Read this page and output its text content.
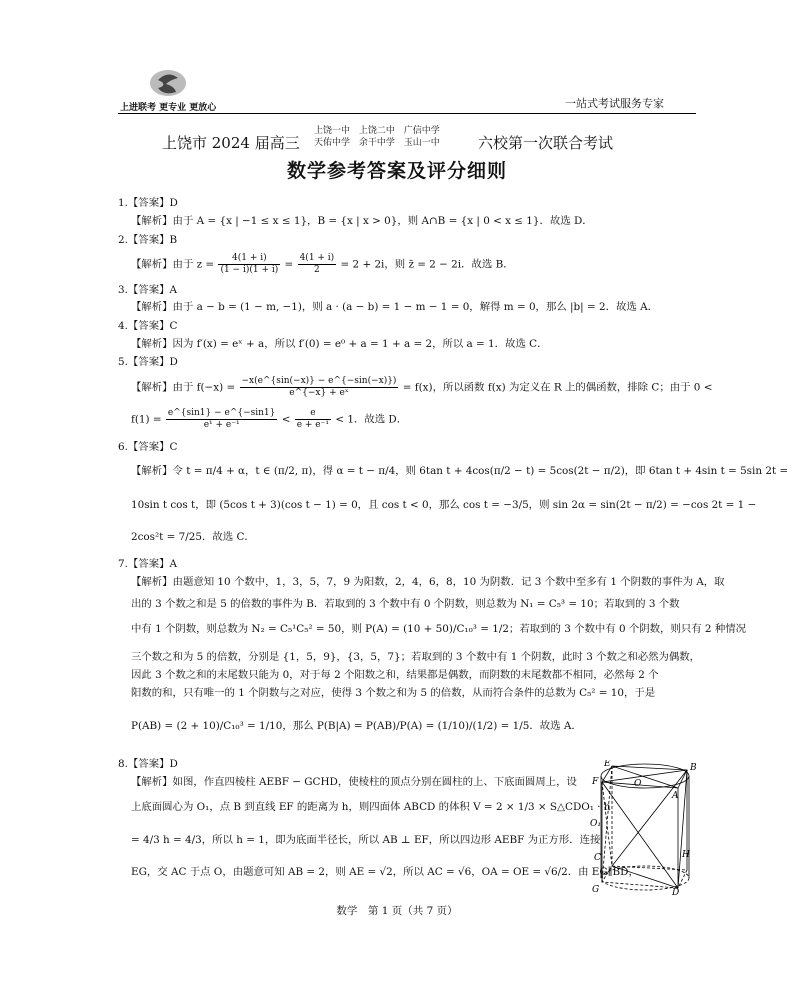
上进联考 更专业 更放心	一站式考试服务专家
上饶市 2024 届高三
上饶一中 上饶二中 广信中学
天佑中学 余干中学 玉山一中	六校第一次联合考试
数学参考答案及评分细则
1.【答案】D
【解析】由于 A = {x | −1 ≤ x ≤ 1}，B = {x | x > 0}，则 A∩B = {x | 0 < x ≤ 1}．故选 D．
2.【答案】B
【解析】由于 $z = \frac{4(1 + i)}{(1 - i)(1 + i)} = \frac{4(1 + i)}{2} = 2 + 2i$，则 z̄ = 2 − 2i．故选 B．
3.【答案】A
【解析】由于 a − b = (1 − m, −1)，则 a · (a − b) = 1 − m − 1 = 0，解得 m = 0，那么 |b| = 2．故选 A．
4.【答案】C
【解析】因为 f′(x) = eˣ + a，所以 f′(0) = e⁰ + a = 1 + a = 2，所以 a = 1．故选 C．
5.【答案】D
【解析】由于 $f(-x) = \frac{-x(e\^{}\{\sin(-x)\} - e\^{}\{-\sin(-x)\})}{\text{e\textasciicircum{}\{−x\} + eˣ}} = f(x)$，所以函数 f(x) 为定义在 R 上的偶函数，排除 C；由于 0 <
$f(1) = \frac{e\^{}\{\sin 1\} - e\^{}\{-\sin 1\}}{\text{e¹ + e⁻¹}} < \frac{e}{\text{e + e⁻¹}} < 1$．故选 D．
6.【答案】C
【解析】令 t = π/4 + α，t ∈ (π/2, π)，得 α = t − π/4，则 6tan t + 4cos(π/2 − t) = 5cos(2t − π/2)，即 6tan t + 4sin t = 5sin 2t =
10sin t cos t，即 (5cos t + 3)(cos t − 1) = 0，且 cos t < 0，那么 cos t = −3/5，则 sin 2α = sin(2t − π/2) = −cos 2t = 1 −
2cos²t = 7/25．故选 C．
7.【答案】A
【解析】由题意知 10 个数中，1，3，5，7，9 为阳数，2，4，6，8，10 为阴数．记 3 个数中至多有 1 个阴数的事件为 A，取
出的 3 个数之和是 5 的倍数的事件为 B．若取到的 3 个数中有 0 个阴数，则总数为 N₁ = C₅³ = 10；若取到的 3 个数
中有 1 个阴数，则总数为 N₂ = C₅¹C₅² = 50，则 P(A) = (10 + 50)/C₁₀³ = 1/2；若取到的 3 个数中有 0 个阴数，则只有 2 种情况
三个数之和为 5 的倍数，分别是 {1，5，9}，{3，5，7}；若取到的 3 个数中有 1 个阴数，此时 3 个数之和必然为偶数，
因此 3 个数之和的末尾数只能为 0，对于每 2 个阳数之和，结果都是偶数，而阴数的末尾数都不相同，必然每 2 个
阳数的和，只有唯一的 1 个阴数与之对应，使得 3 个数之和为 5 的倍数，从而符合条件的总数为 C₅² = 10，于是
P(AB) = (2 + 10)/C₁₀³ = 1/10，那么 P(B|A) = P(AB)/P(A) = (1/10)/(1/2) = 1/5．故选 A．
8.【答案】D
【解析】如图，作直四棱柱 AEBF − GCHD，使棱柱的顶点分别在圆柱的上、下底面圆周上，设
上底面圆心为 O₁，点 B 到直线 EF 的距离为 h，则四面体 ABCD 的体积 V = 2 × 1/3 × S△CDO₁ · h
= 4/3 h = 4/3，所以 h = 1，即为底面半径长，所以 AB ⊥ EF，所以四边形 AEBF 为正方形．连接
EG，交 AC 于点 O，由题意可知 AB = 2，则 AE = √2，所以 AC = √6，OA = OE = √6/2．由 EG∥BD，
E	B
A
O₁
F	O
C	H
G	D
数学　第 1 页（共 7 页）
